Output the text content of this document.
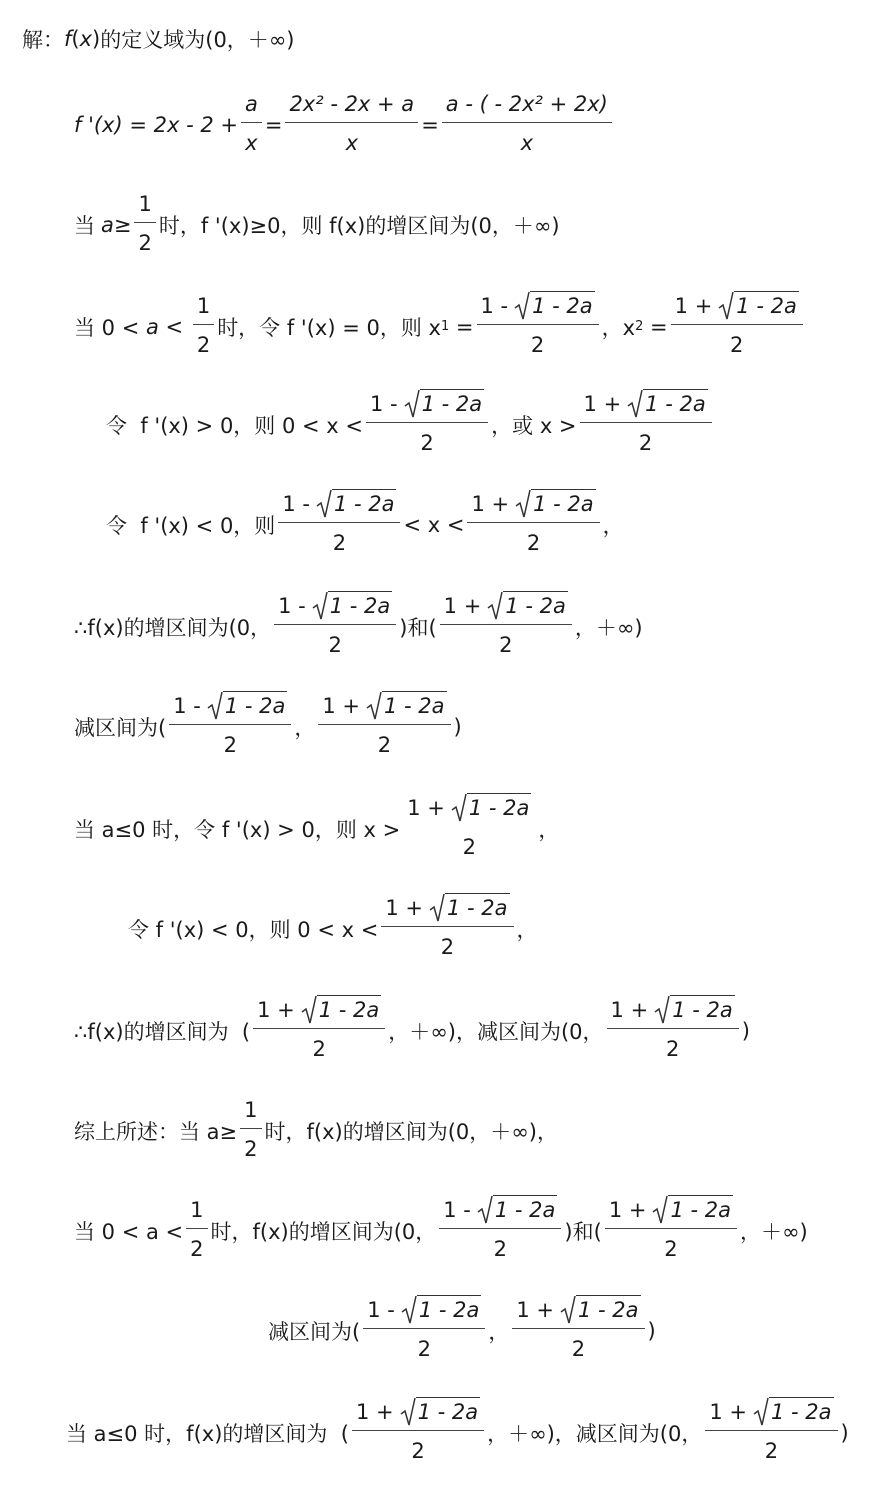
解： f ( x ) 的定义域为(0，＋∞)
f '$(x) = 2x - 2 + \frac{a}{x} = \frac{\text{2x² - 2x + a}}{x} = \frac{\text{a - ( - 2x² + 2x)}}{x}$
当 $a \ge \frac{1}{2}$ 时，f '(x)≥0，则 f(x)的增区间为(0，＋∞)
当 $0 < a < \frac{1}{2}$ 时，令 f '(x) = 0，则 x $1 = \frac{1 - 1 - 2a}{2}$ ，x $2 = \frac{1 + 1 - 2a}{2}$
令  f '(x) > 0，则 $0 < x < \frac{1 - 1 - 2a}{2}$ ，或 $x > \frac{1 + 1 - 2a}{2}$
令  f '(x) < 0，则 $\frac{1 - 1 - 2a}{2} < x < \frac{1 + 1 - 2a}{2}$ ，
∴f(x)的增区间为(0， $\frac{1 - 1 - 2a}{2}$ )和( $\frac{1 + 1 - 2a}{2}$ ，＋∞)
减区间为( $\frac{1 - 1 - 2a}{2}$ ， $\frac{1 + 1 - 2a}{2}$ )
当 a≤0 时，令 f '(x) > 0，则 x >
1 + 1 - 2a
2
，
令 f '(x) < 0，则 $0 < x < \frac{1 + 1 - 2a}{2}$ ，
∴f(x)的增区间为  ( $\frac{1 + 1 - 2a}{2}$ ，＋∞)，减区间为(0， $\frac{1 + 1 - 2a}{2}$ )
综上所述：当 $a\ge \frac{1}{2}$ 时，f(x)的增区间为(0，＋∞)，
当 $0 < a < \frac{1}{2}$ 时，f(x)的增区间为(0， $\frac{1 - 1 - 2a}{2}$ )和( $\frac{1 + 1 - 2a}{2}$ ，＋∞)
减区间为( $\frac{1 - 1 - 2a}{2}$ ， $\frac{1 + 1 - 2a}{2}$ )
当 a≤0 时，f(x)的增区间为  ( $\frac{1 + 1 - 2a}{2}$ ，＋∞)，减区间为(0， $\frac{1 + 1 - 2a}{2}$ )
